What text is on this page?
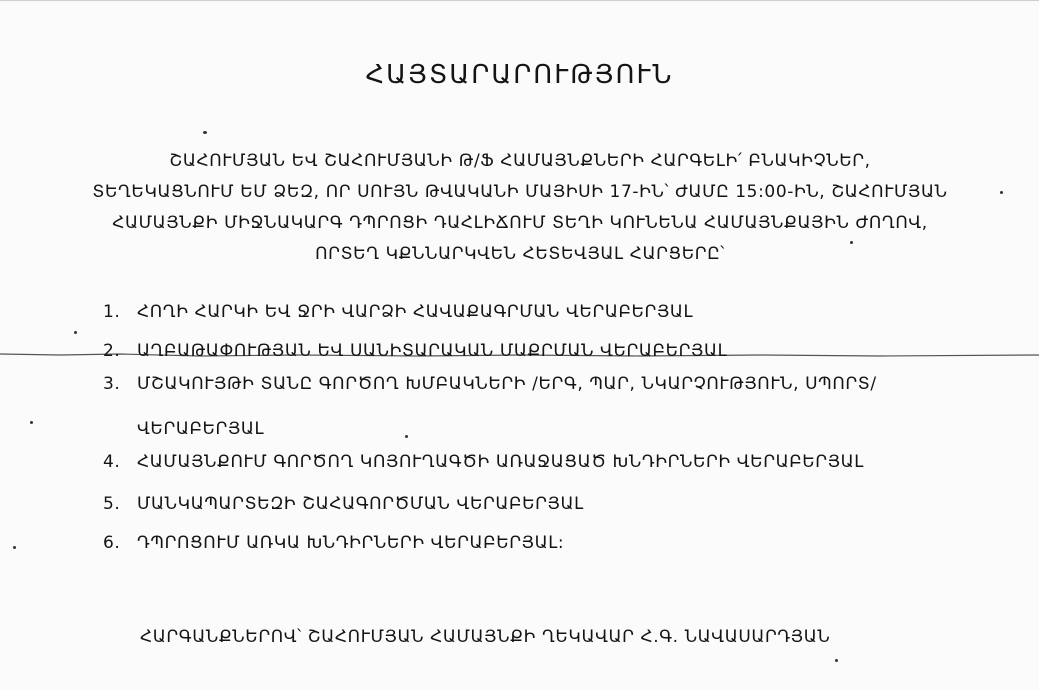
ՀԱՅՏԱՐԱՐՈՒԹՅՈՒՆ

ՇԱՀՈՒՄՅԱՆ ԵՎ ՇԱՀՈՒՄՅԱՆԻ Թ/Ֆ ՀԱՄԱՅՆՔՆԵՐԻ ՀԱՐԳԵԼԻ՛ ԲՆԱԿԻՉՆԵՐ,

ՏԵՂԵԿԱՑՆՈՒՄ ԵՄ ՁԵԶ, ՈՐ ՍՈՒՅՆ ԹՎԱԿԱՆԻ ՄԱՅԻՍԻ 17-ԻՆ՝ ԺԱՄԸ 15:00-ԻՆ, ՇԱՀՈՒՄՅԱՆ

ՀԱՄԱՅՆՔԻ ՄԻՋՆԱԿԱՐԳ ԴՊՐՈՑԻ ԴԱՀԼԻՃՈՒՄ ՏԵՂԻ ԿՈՒՆԵՆԱ ՀԱՄԱՅՆՔԱՅԻՆ ԺՈՂՈՎ,

ՈՐՏԵՂ ԿՔՆՆԱՐԿՎԵՆ ՀԵՏԵՎՅԱԼ ՀԱՐՑԵՐԸ՝

1. ՀՈՂԻ ՀԱՐԿԻ ԵՎ ՋՐԻ ՎԱՐՁԻ ՀԱՎԱՔԱԳՐՄԱՆ ՎԵՐԱԲԵՐՅԱԼ
2. ԱՂԲԱԹԱՓՈՒԹՅԱՆ ԵՎ ՍԱՆԻՏԱՐԱԿԱՆ ՄԱՔՐՄԱՆ ՎԵՐԱԲԵՐՅԱԼ
3. ՄՇԱԿՈՒՅԹԻ ՏԱՆԸ ԳՈՐԾՈՂ ԽՄԲԱԿՆԵՐԻ /ԵՐԳ, ՊԱՐ, ՆԿԱՐՉՈՒԹՅՈՒՆ, ՍՊՈՐՏ/
ՎԵՐԱԲԵՐՅԱԼ
4. ՀԱՄԱՅՆՔՈՒՄ ԳՈՐԾՈՂ ԿՈՅՈՒՂԱԳԾԻ ԱՌԱՋԱՑԱԾ ԽՆԴԻՐՆԵՐԻ ՎԵՐԱԲԵՐՅԱԼ
5. ՄԱՆԿԱՊԱՐՏԵԶԻ ՇԱՀԱԳՈՐԾՄԱՆ ՎԵՐԱԲԵՐՅԱԼ
6. ԴՊՐՈՑՈՒՄ ԱՌԿԱ ԽՆԴԻՐՆԵՐԻ ՎԵՐԱԲԵՐՅԱԼ:
ՀԱՐԳԱՆՔՆԵՐՈՎ՝ ՇԱՀՈՒՄՅԱՆ ՀԱՄԱՅՆՔԻ ՂԵԿԱՎԱՐ Հ.Գ. ՆԱՎԱՍԱՐԴՅԱՆ
